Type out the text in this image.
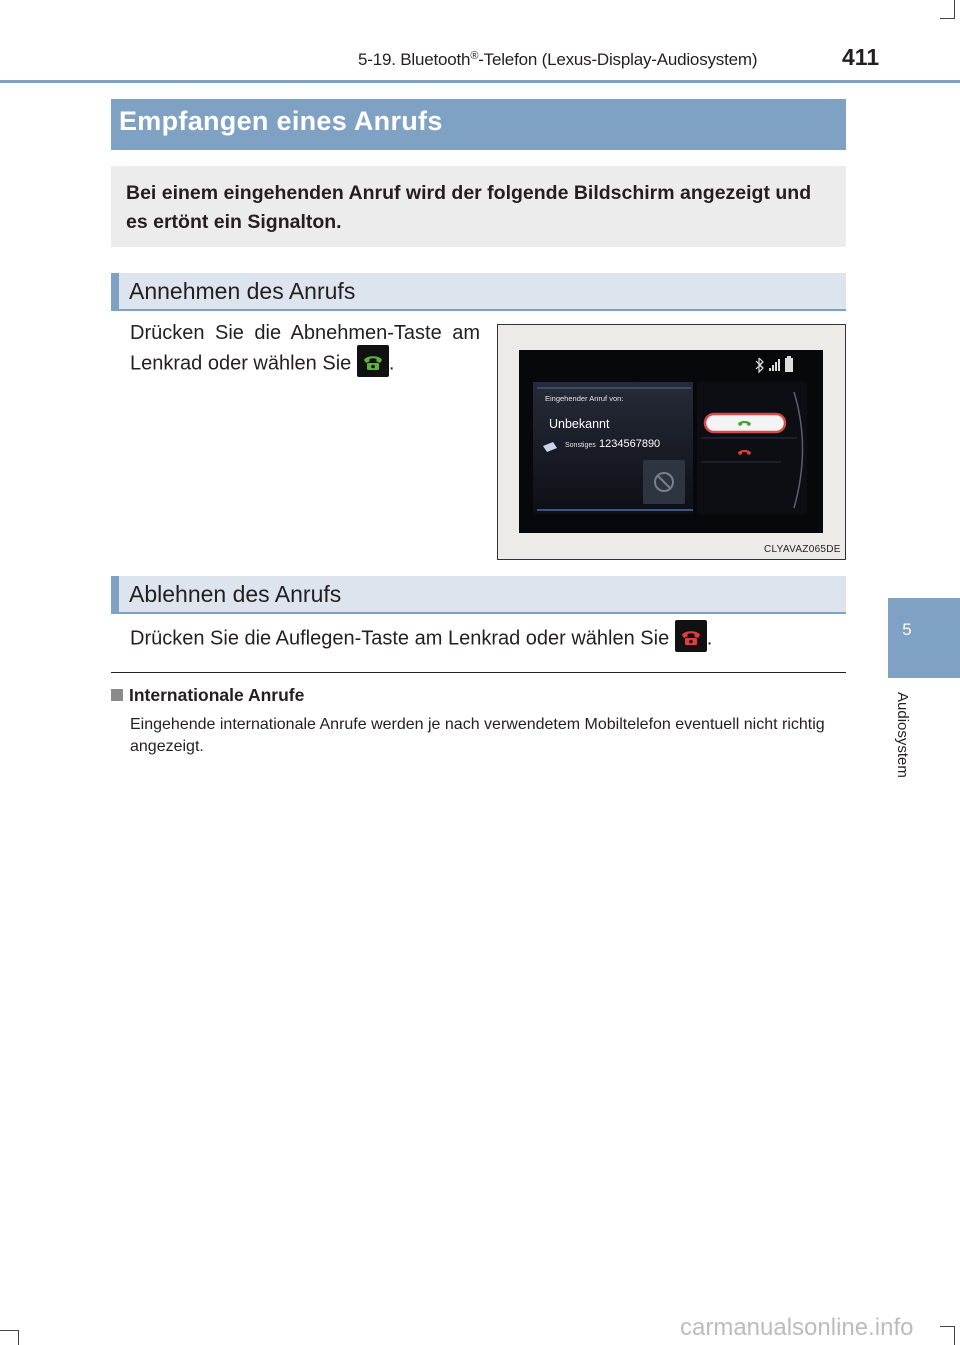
5-19. Bluetooth®-Telefon (Lexus-Display-Audiosystem)	411
5
Audiosystem
Empfangen eines Anrufs
Bei einem eingehenden Anruf wird der folgende Bildschirm angezeigt und es ertönt ein Signalton.
Annehmen des Anrufs
Drücken Sie die Abnehmen-Taste am
Lenkrad oder wählen Sie .
Eingehender Anruf von:
Unbekannt
Sonstiges 1234567890
CLYAVAZ065DE
Ablehnen des Anrufs
Drücken Sie die Auflegen-Taste am Lenkrad oder wählen Sie .
Internationale Anrufe
Eingehende internationale Anrufe werden je nach verwendetem Mobiltelefon eventuell nicht richtig angezeigt.
carmanualsonline.info
